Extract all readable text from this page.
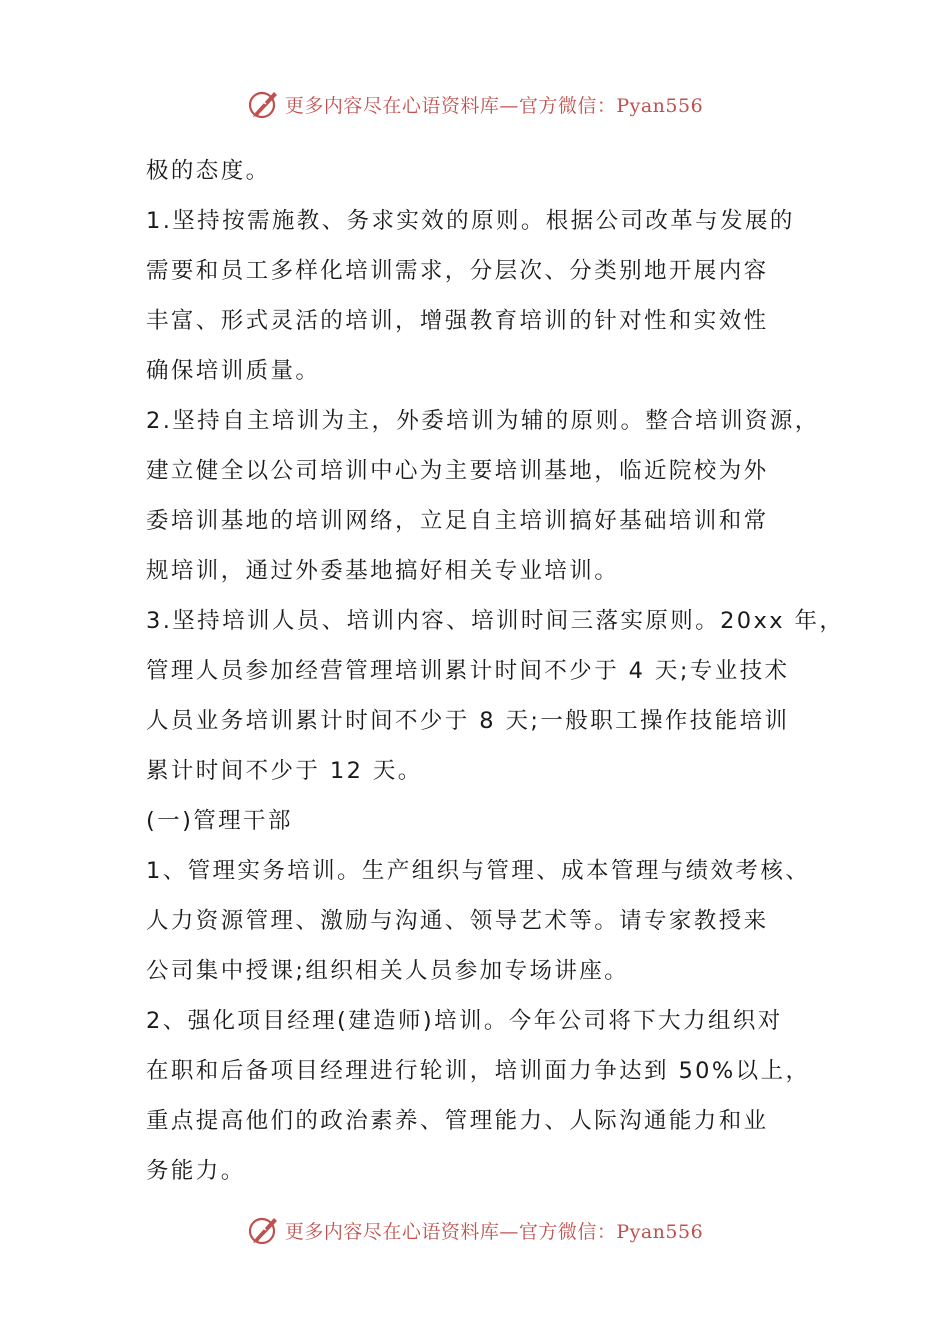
更多内容尽在心语资料库—官方微信：Pyan556
极的态度。
1.坚持按需施教、务求实效的原则。根据公司改革与发展的
需要和员工多样化培训需求，分层次、分类别地开展内容
丰富、形式灵活的培训，增强教育培训的针对性和实效性
确保培训质量。
2.坚持自主培训为主，外委培训为辅的原则。整合培训资源，
建立健全以公司培训中心为主要培训基地，临近院校为外
委培训基地的培训网络，立足自主培训搞好基础培训和常
规培训，通过外委基地搞好相关专业培训。
3.坚持培训人员、培训内容、培训时间三落实原则。20xx 年，
管理人员参加经营管理培训累计时间不少于 4 天;专业技术
人员业务培训累计时间不少于 8 天;一般职工操作技能培训
累计时间不少于 12 天。
(一)管理干部
1、管理实务培训。生产组织与管理、成本管理与绩效考核、
人力资源管理、激励与沟通、领导艺术等。请专家教授来
公司集中授课;组织相关人员参加专场讲座。
2、强化项目经理(建造师)培训。今年公司将下大力组织对
在职和后备项目经理进行轮训，培训面力争达到 50%以上，
重点提高他们的政治素养、管理能力、人际沟通能力和业
务能力。
更多内容尽在心语资料库—官方微信：Pyan556
